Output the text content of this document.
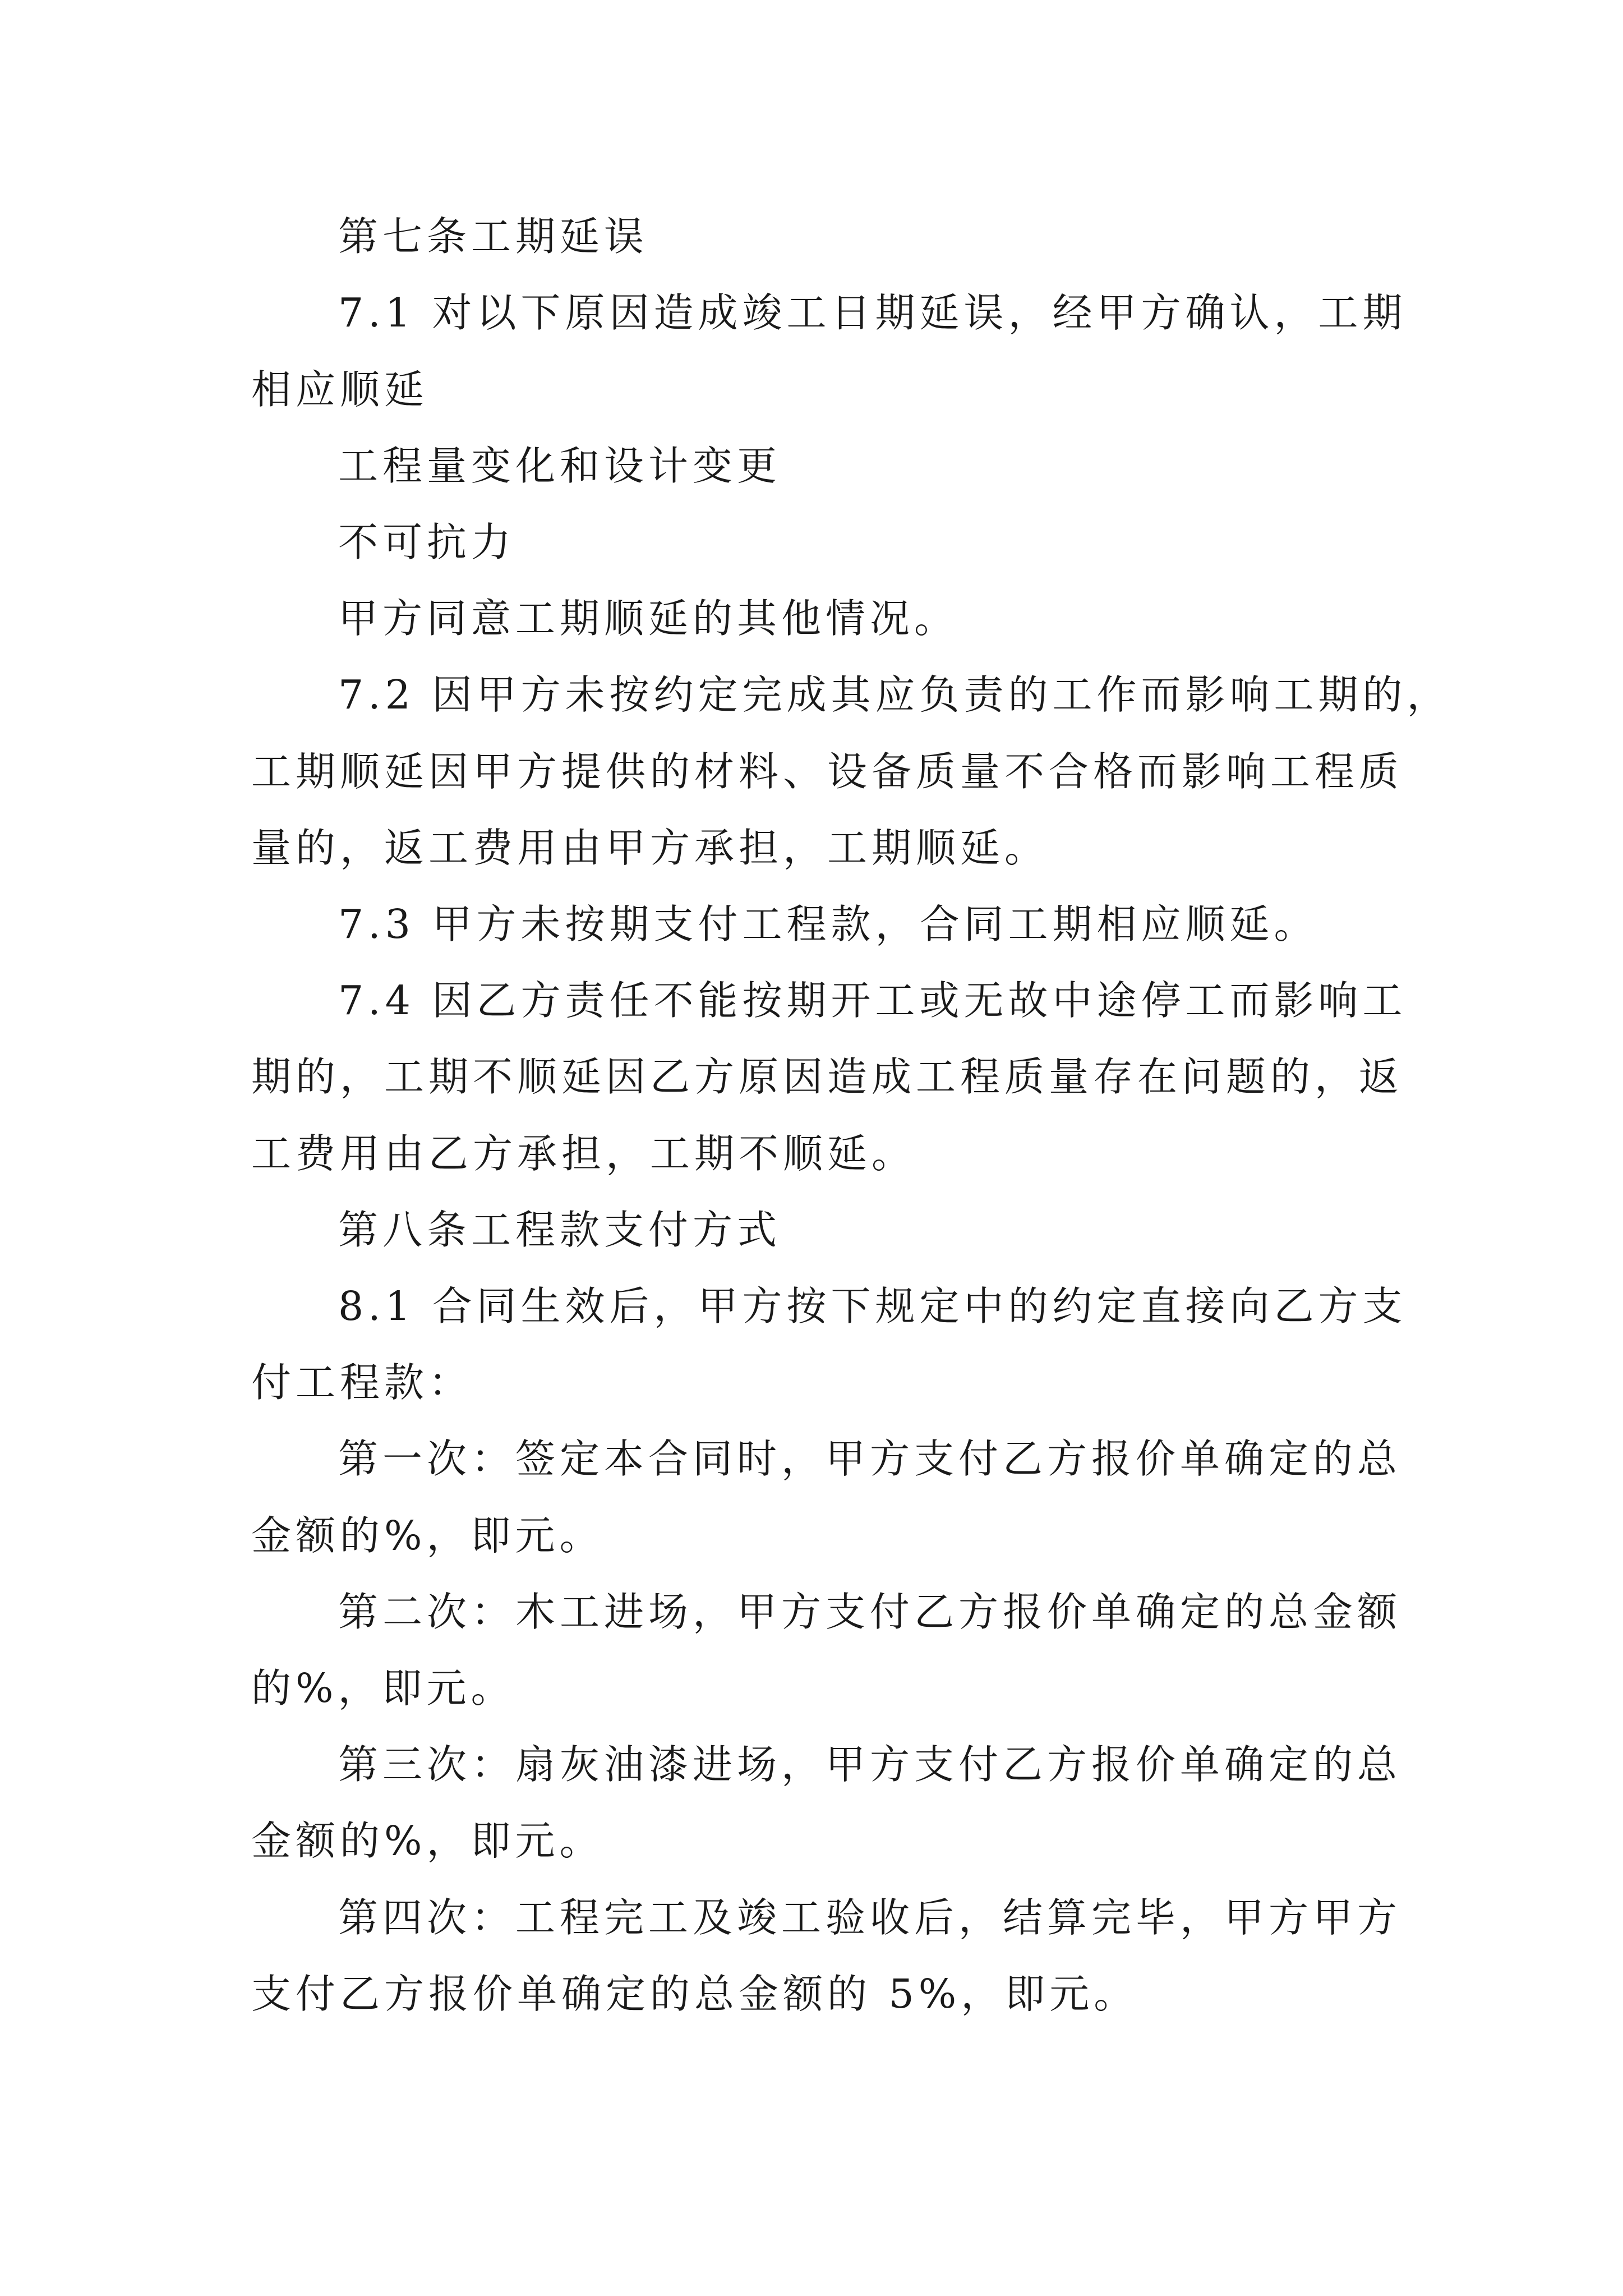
第七条工期延误

7.1 对以下原因造成竣工日期延误，经甲方确认，工期

相应顺延

工程量变化和设计变更

不可抗力

甲方同意工期顺延的其他情况。

7.2 因甲方未按约定完成其应负责的工作而影响工期的，

工期顺延因甲方提供的材料、设备质量不合格而影响工程质

量的，返工费用由甲方承担，工期顺延。

7.3 甲方未按期支付工程款，合同工期相应顺延。

7.4 因乙方责任不能按期开工或无故中途停工而影响工

期的，工期不顺延因乙方原因造成工程质量存在问题的，返

工费用由乙方承担，工期不顺延。

第八条工程款支付方式

8.1 合同生效后，甲方按下规定中的约定直接向乙方支

付工程款：

第一次：签定本合同时，甲方支付乙方报价单确定的总

金额的%，即元。

第二次：木工进场，甲方支付乙方报价单确定的总金额

的%，即元。

第三次：扇灰油漆进场，甲方支付乙方报价单确定的总

金额的%，即元。

第四次：工程完工及竣工验收后，结算完毕，甲方甲方

支付乙方报价单确定的总金额的 5%，即元。
